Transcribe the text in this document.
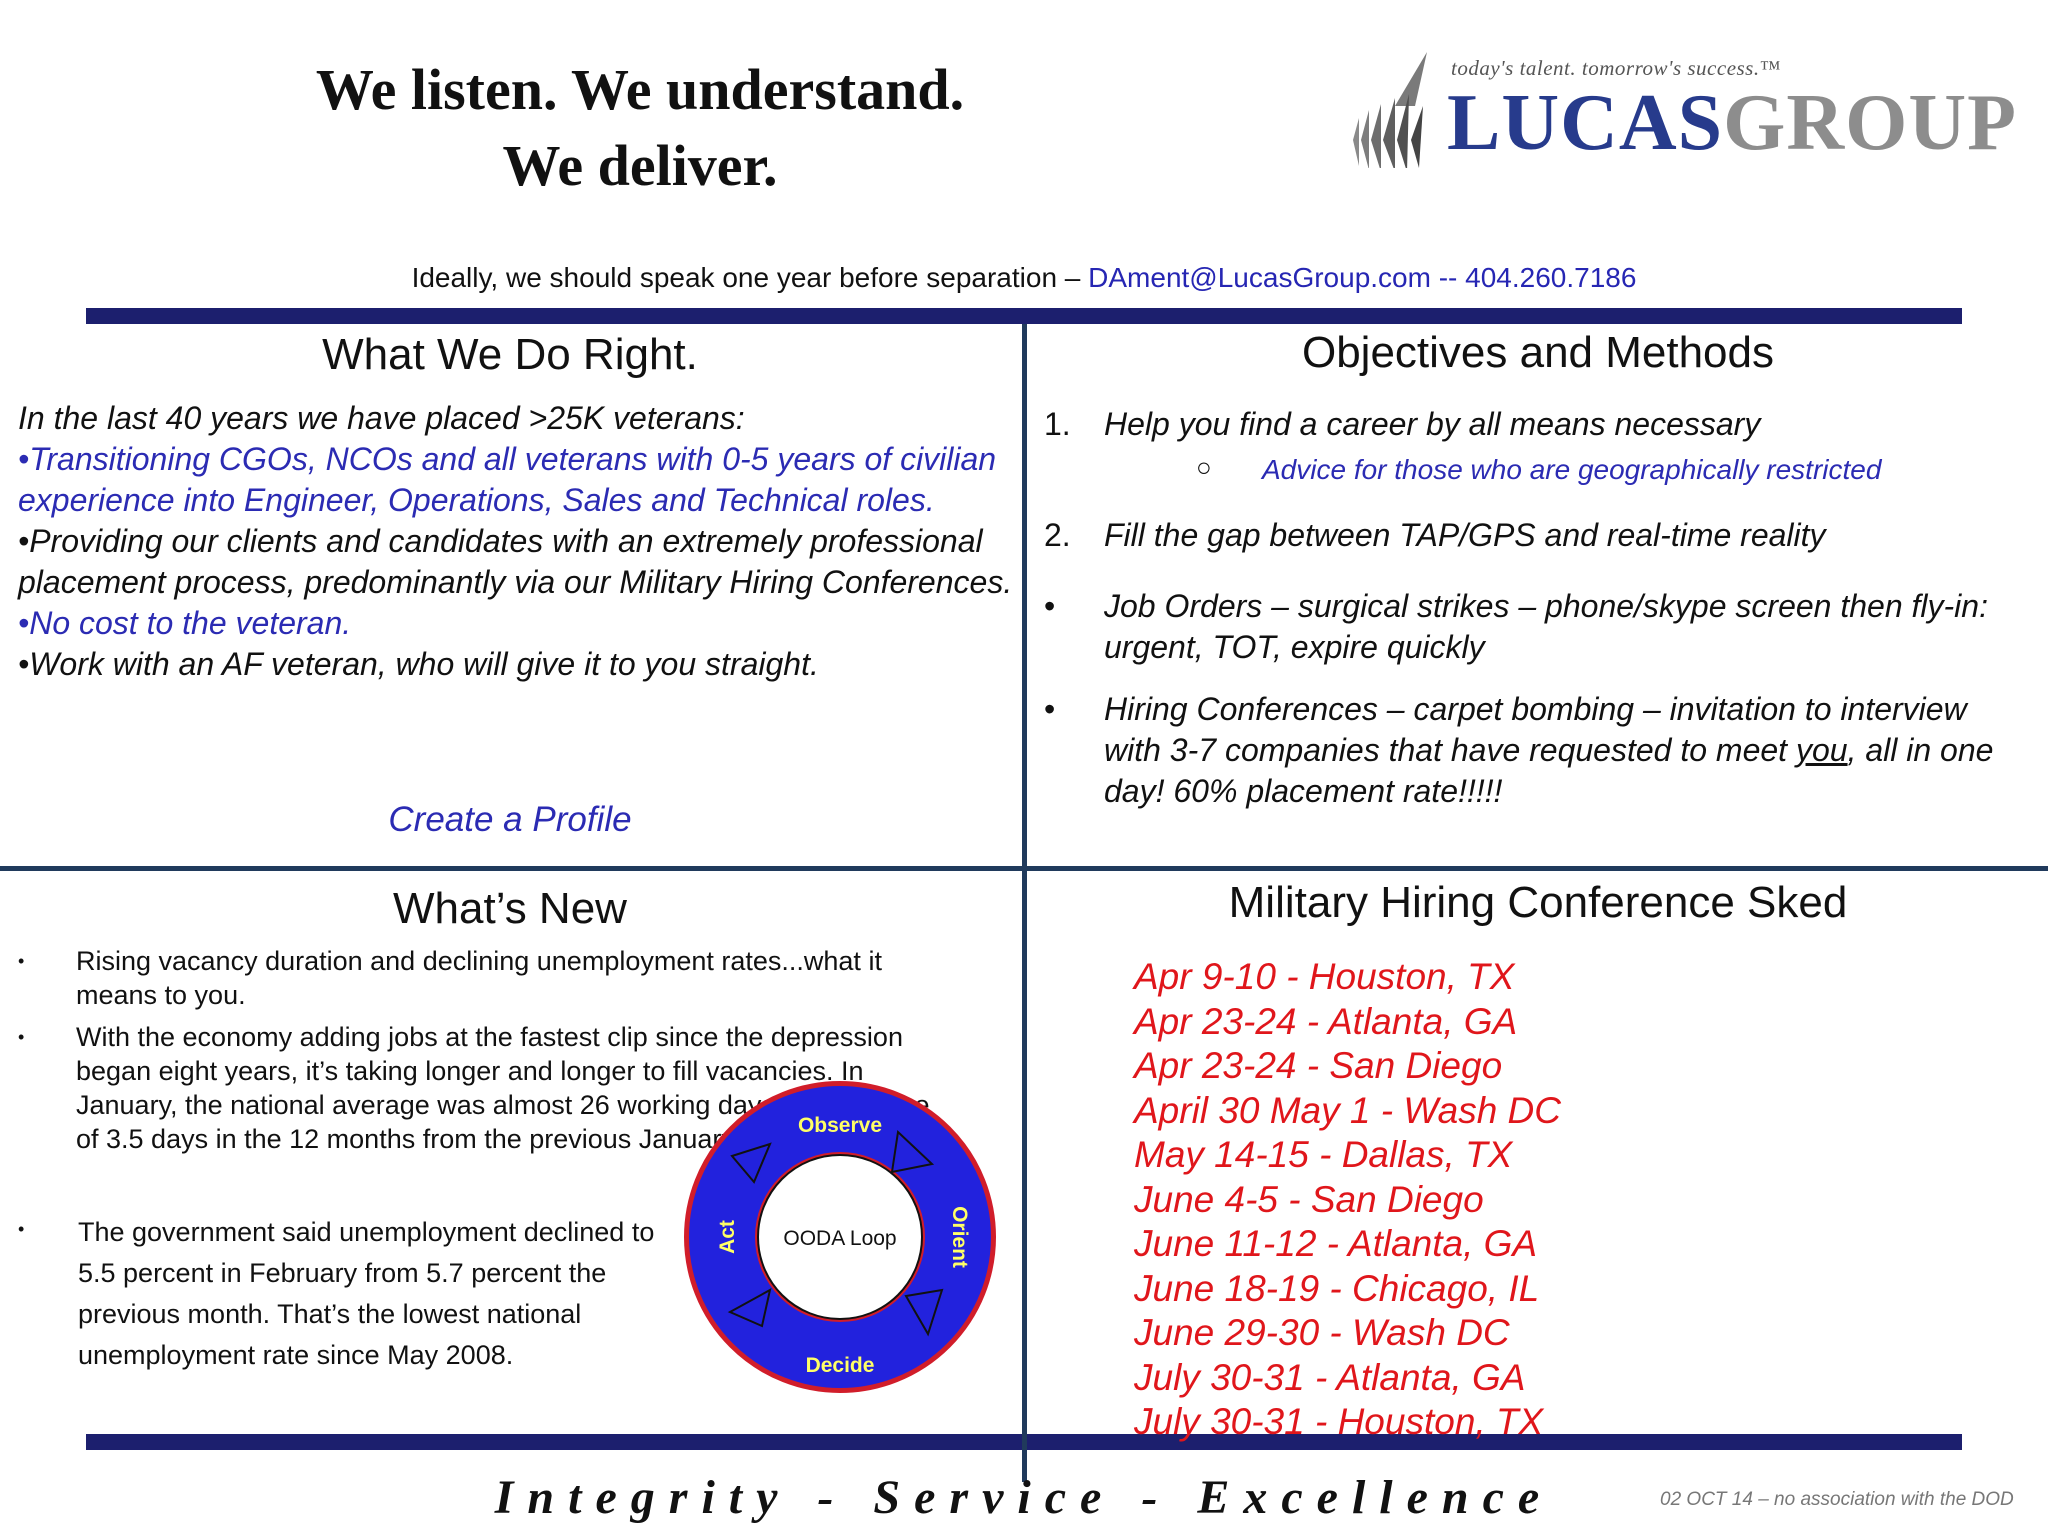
We listen. We understand.
We deliver.
today's talent. tomorrow's success.™
LUCASGROUP
Ideally, we should speak one year before separation – DAment@LucasGroup.com -- 404.260.7186
What We Do Right.

In the last 40 years we have placed >25K veterans:

•Transitioning CGOs, NCOs and all veterans with 0-5 years of civilian experience into Engineer, Operations, Sales and Technical roles.

•Providing our clients and candidates with an extremely professional placement process, predominantly via our Military Hiring Conferences.

•No cost to the veteran.

•Work with an AF veteran, who will give it to you straight.

Create a Profile
Objectives and Methods
1. Help you find a career by all means necessary
○ Advice for those who are geographically restricted
2. Fill the gap between TAP/GPS and real-time reality
• Job Orders – surgical strikes – phone/skype screen then fly-in: urgent, TOT, expire quickly
• Hiring Conferences – carpet bombing – invitation to interview with 3-7 companies that have requested to meet you, all in one day! 60% placement rate!!!!!
What’s New
• Rising vacancy duration and declining unemployment rates...what it means to you.
• With the economy adding jobs at the fastest clip since the depression began eight years, it’s taking longer and longer to fill vacancies. In January, the national average was almost 26 working days, an increase of 3.5 days in the 12 months from the previous January.
• The government said unemployment declined to 5.5 percent in February from 5.7 percent the previous month. That’s the lowest national unemployment rate since May 2008.
OODA Loop
Observe
Decide
Orient
Act
Military Hiring Conference Sked
Apr 9-10 - Houston, TX
Apr 23-24 - Atlanta, GA
Apr 23-24 - San Diego
April 30 May 1 - Wash DC
May 14-15 - Dallas, TX
June 4-5 - San Diego
June 11-12 - Atlanta, GA
June 18-19 - Chicago, IL
June 29-30 - Wash DC
July 30-31 - Atlanta, GA
July 30-31 - Houston, TX
Integrity - Service - Excellence	02 OCT 14 – no association with the DOD
